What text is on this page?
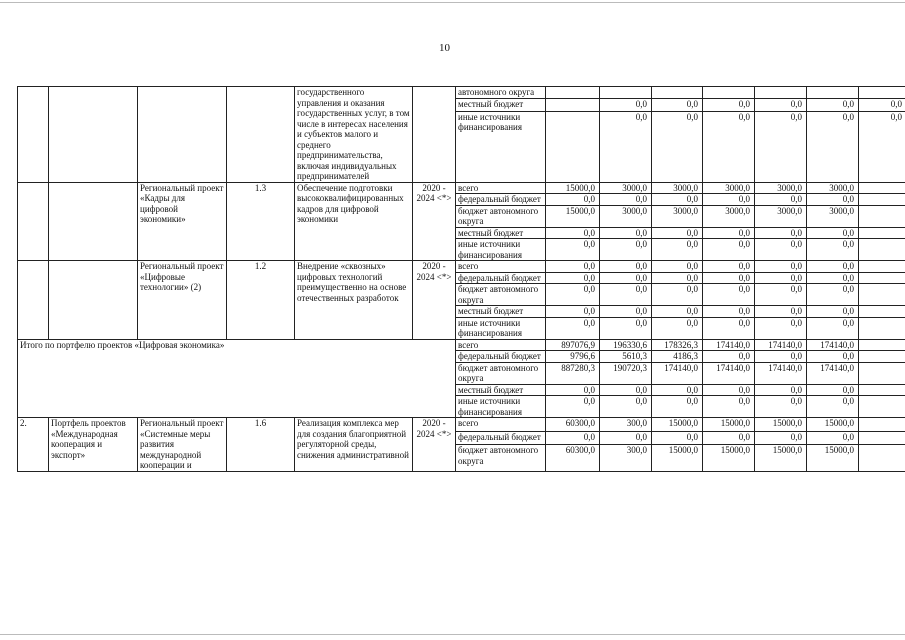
10
				государственного управления и оказания государственных услуг, в том числе в интересах населения и субъектов малого и среднего предпринимательства, включая индивидуальных предпринимателей		автономного округа							
						местный бюджет		0,0	0,0	0,0	0,0	0,0	0,0
						иные источники финансирования		0,0	0,0	0,0	0,0	0,0	0,0
		Региональный проект «Кадры для цифровой экономики»	1.3	Обеспечение подготовки высококвалифицированных кадров для цифровой экономики	2020 - 2024 <*>	всего	15000,0	3000,0	3000,0	3000,0	3000,0	3000,0	
						федеральный бюджет	0,0	0,0	0,0	0,0	0,0	0,0	
						бюджет автономного округа	15000,0	3000,0	3000,0	3000,0	3000,0	3000,0	
						местный бюджет	0,0	0,0	0,0	0,0	0,0	0,0	
						иные источники финансирования	0,0	0,0	0,0	0,0	0,0	0,0	
		Региональный проект «Цифровые технологии» (2)	1.2	Внедрение «сквозных» цифровых технологий преимущественно на основе отечественных разработок	2020 - 2024 <*>	всего	0,0	0,0	0,0	0,0	0,0	0,0	
						федеральный бюджет	0,0	0,0	0,0	0,0	0,0	0,0	
						бюджет автономного округа	0,0	0,0	0,0	0,0	0,0	0,0	
						местный бюджет	0,0	0,0	0,0	0,0	0,0	0,0	
						иные источники финансирования	0,0	0,0	0,0	0,0	0,0	0,0	
Итого по портфелю проектов «Цифровая экономика»						всего	897076,9	196330,6	178326,3	174140,0	174140,0	174140,0	
						федеральный бюджет	9796,6	5610,3	4186,3	0,0	0,0	0,0	
						бюджет автономного округа	887280,3	190720,3	174140,0	174140,0	174140,0	174140,0	
						местный бюджет	0,0	0,0	0,0	0,0	0,0	0,0	
						иные источники финансирования	0,0	0,0	0,0	0,0	0,0	0,0	
2.	Портфель проектов «Международная кооперация и экспорт»	Региональный проект «Системные меры развития международной кооперации и	1.6	Реализация комплекса мер для создания благоприятной регуляторной среды, снижения административной	2020 - 2024 <*>	всего	60300,0	300,0	15000,0	15000,0	15000,0	15000,0	
						федеральный бюджет	0,0	0,0	0,0	0,0	0,0	0,0	
						бюджет автономного округа	60300,0	300,0	15000,0	15000,0	15000,0	15000,0	
